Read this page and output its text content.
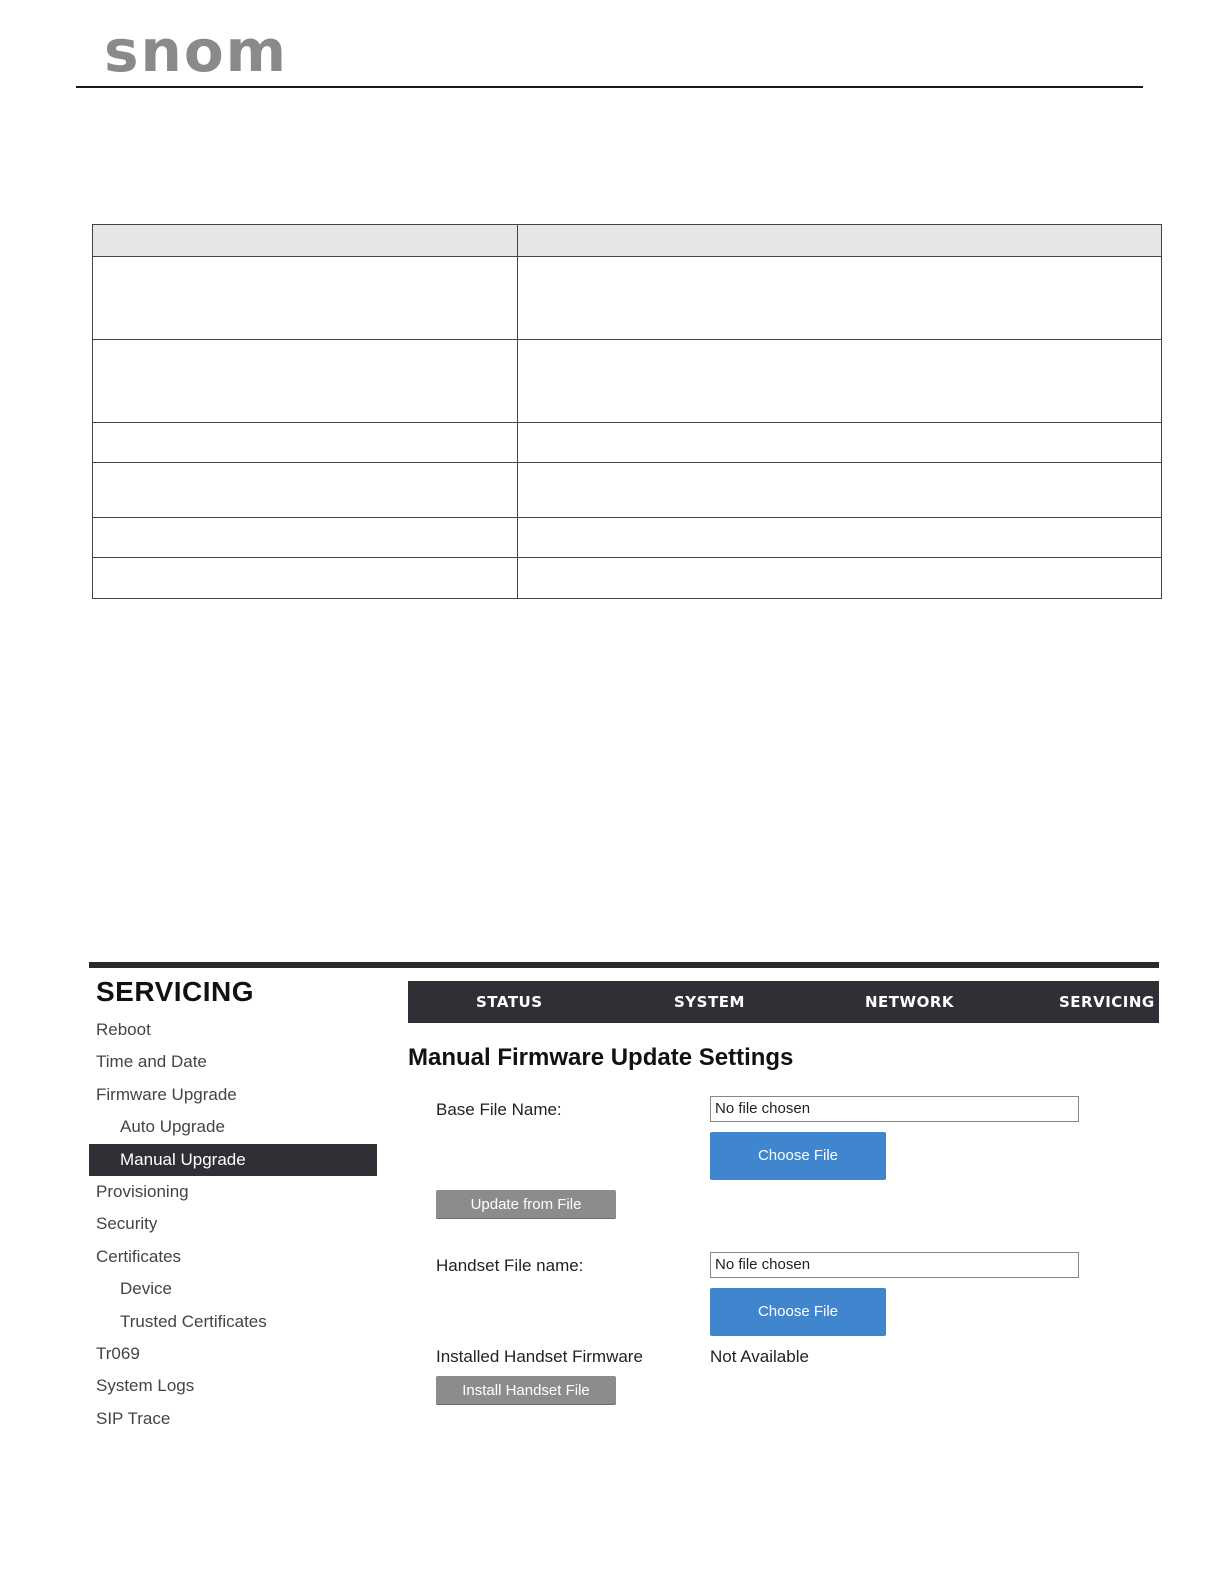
snom

SERVICING
Reboot
Time and Date
Firmware Upgrade
Auto Upgrade
Manual Upgrade
Provisioning
Security
Certificates
Device
Trusted Certificates
Tr069
System Logs
SIP Trace
STATUS	SYSTEM	NETWORK	SERVICING
Manual Firmware Update Settings
Base File Name:	No file chosen
Choose File
Update from File
Handset File name:	No file chosen
Choose File
Installed Handset Firmware	Not Available
Install Handset File
